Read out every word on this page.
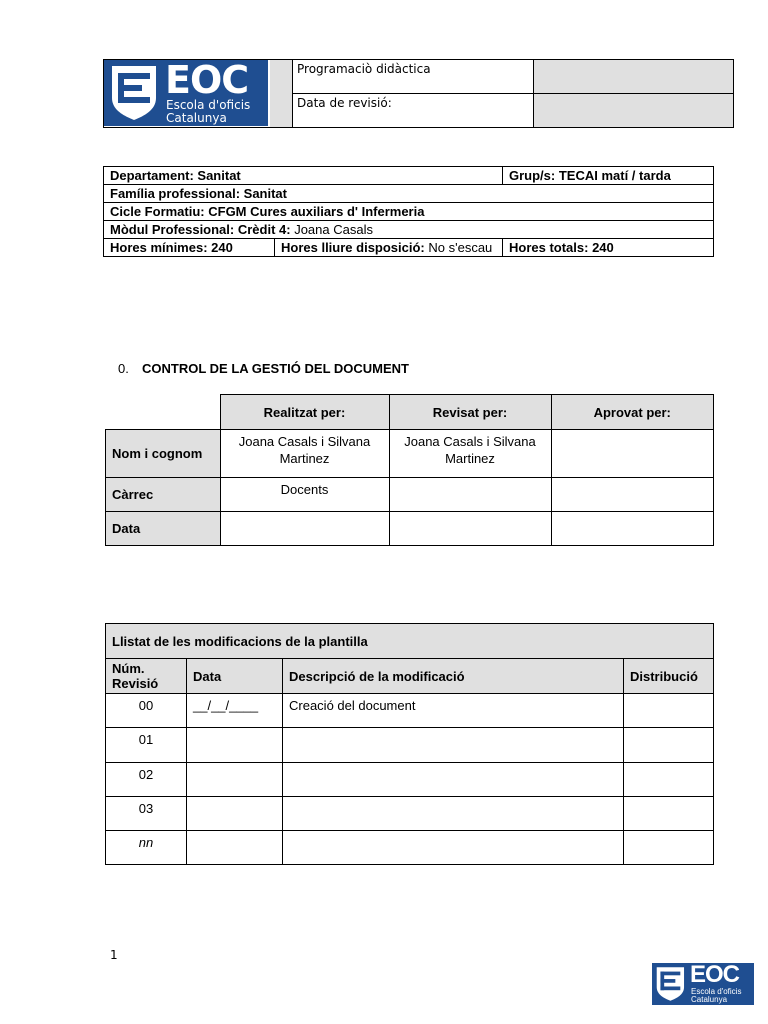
EOC
Escola d'oficis
Catalunya		Programaciò didàctica	
		Data de revisió:	
Departament: Sanitat		Grup/s: TECAI matí / tarda
Família professional: Sanitat		
Cicle Formatiu: CFGM Cures auxiliars d' Infermeria		
Mòdul Professional: Crèdit 4: Joana Casals		
Hores mínimes: 240	Hores lliure disposició: No s'escau	Hores totals: 240
0. CONTROL DE LA GESTIÓ DEL DOCUMENT
	Realitzat per:	Revisat per:	Aprovat per:
Nom i cognom	Joana Casals i Silvana Martinez	Joana Casals i Silvana Martinez	
Càrrec	Docents		
Data			
Llistat de les modificacions de la plantilla			
Núm. Revisió	Data	Descripció de la modificació	Distribució
00	__/__/____	Creació del document	
01			
02			
03			
nn			
1
EOC
Escola d'oficis
Catalunya
